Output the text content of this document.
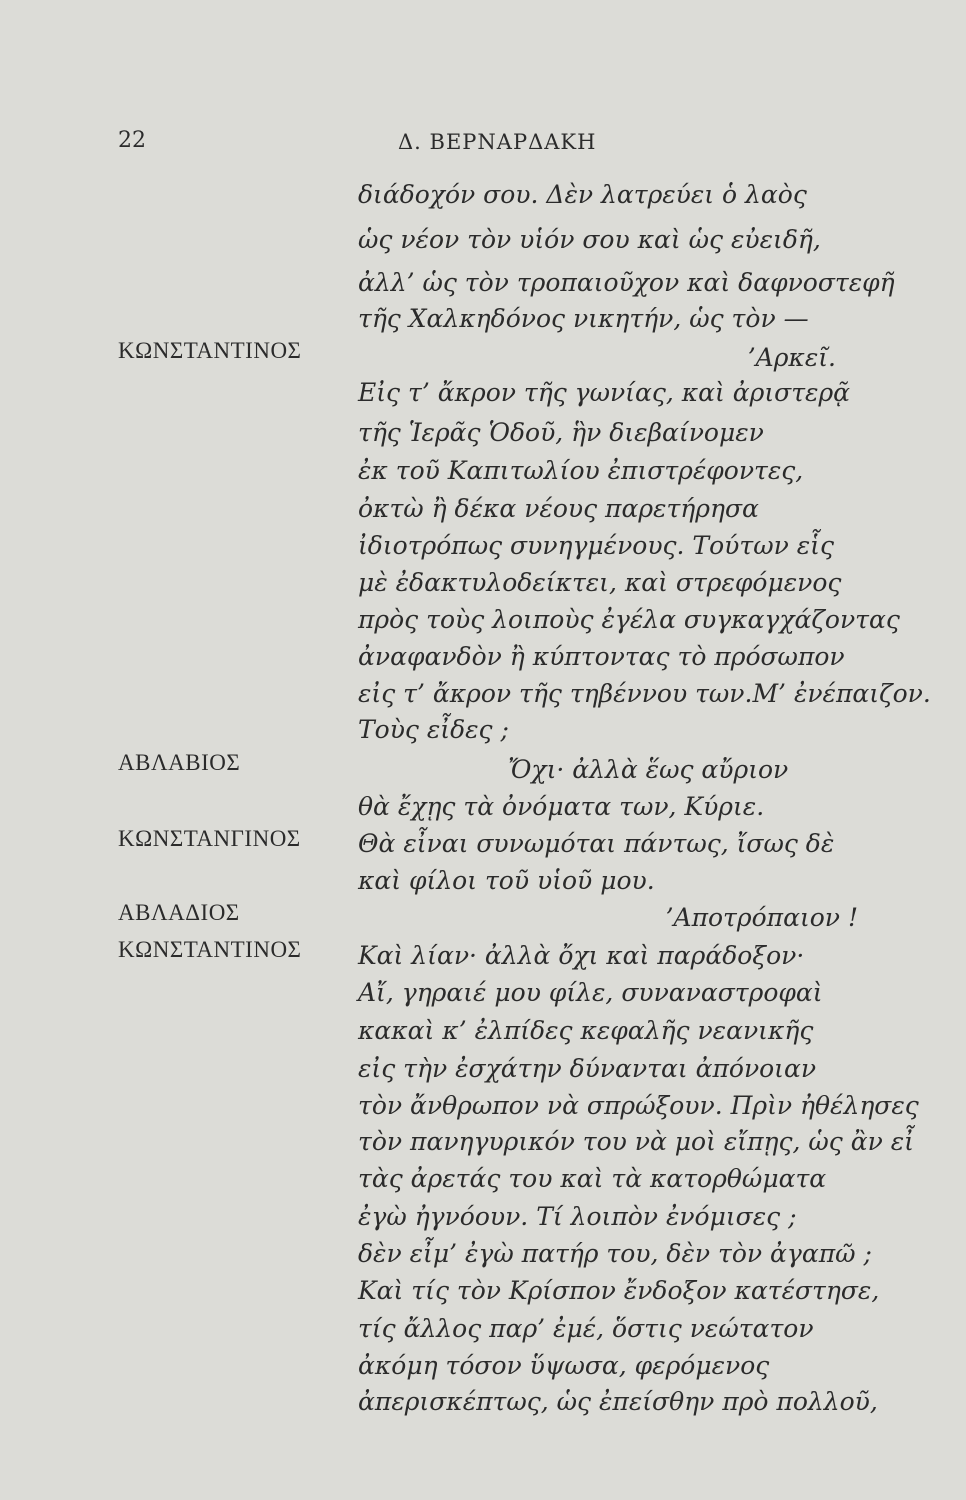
22	Δ. ΒΕΡΝΑΡΔΑΚΗ
διάδοχόν σου. Δὲν λατρεύει ὁ λαὸς
ὡς νέον τὸν υἱόν σου καὶ ὡς εὐειδῆ,
ἀλλ’ ὡς τὸν τροπαιοῦχον καὶ δαφνοστεφῆ
τῆς Χαλκηδόνος νικητήν, ὡς τὸν —
ΚΩΝΣΤΑΝΤΙΝΟΣ	’Αρκεῖ.
Εἰς τ’ ἄκρον τῆς γωνίας, καὶ ἀριστερᾷ
τῆς Ἱερᾶς Ὁδοῦ, ἣν διεβαίνομεν
ἐκ τοῦ Καπιτωλίου ἐπιστρέφοντες,
ὀκτὼ ἢ δέκα νέους παρετήρησα
ἰδιοτρόπως συνηγμένους. Τούτων εἷς
μὲ ἐδακτυλοδείκτει, καὶ στρεφόμενος
πρὸς τοὺς λοιποὺς ἐγέλα συγκαγχάζοντας
ἀναφανδὸν ἢ κύπτοντας τὸ πρόσωπον
εἰς τ’ ἄκρον τῆς τηβέννου των.Μ’ ἐνέπαιζον.
Τοὺς εἶδες ;
ΑΒΛΑΒΙΟΣ	Ὄχι· ἀλλὰ ἕως αὔριον
θὰ ἔχῃς τὰ ὀνόματα των, Κύριε.
ΚΩΝΣΤΑΝΓΙΝΟΣ Θὰ εἶναι συνωμόται πάντως, ἴσως δὲ
καὶ φίλοι τοῦ υἱοῦ μου.
ΑΒΛΑΔΙΟΣ	’Αποτρόπαιον !
ΚΩΝΣΤΑΝΤΙΝΟΣ Καὶ λίαν· ἀλλὰ ὄχι καὶ παράδοξον·
Αἴ, γηραιέ μου φίλε, συναναστροφαὶ
κακαὶ κ’ ἐλπίδες κεφαλῆς νεανικῆς
εἰς τὴν ἐσχάτην δύνανται ἀπόνοιαν
τὸν ἄνθρωπον νὰ σπρώξουν. Πρὶν ἠθέλησες
τὸν πανηγυρικόν του νὰ μοὶ εἴπῃς, ὡς ἂν εἶ
τὰς ἀρετάς του καὶ τὰ κατορθώματα
ἐγὼ ἠγνόουν. Τί λοιπὸν ἐνόμισες ;
δὲν εἶμ’ ἐγὼ πατήρ του, δὲν τὸν ἀγαπῶ ;
Καὶ τίς τὸν Κρίσπον ἔνδοξον κατέστησε,
τίς ἄλλος παρ’ ἐμέ, ὅστις νεώτατον
ἀκόμη τόσον ὕψωσα, φερόμενος
ἀπερισκέπτως, ὡς ἐπείσθην πρὸ πολλοῦ,
